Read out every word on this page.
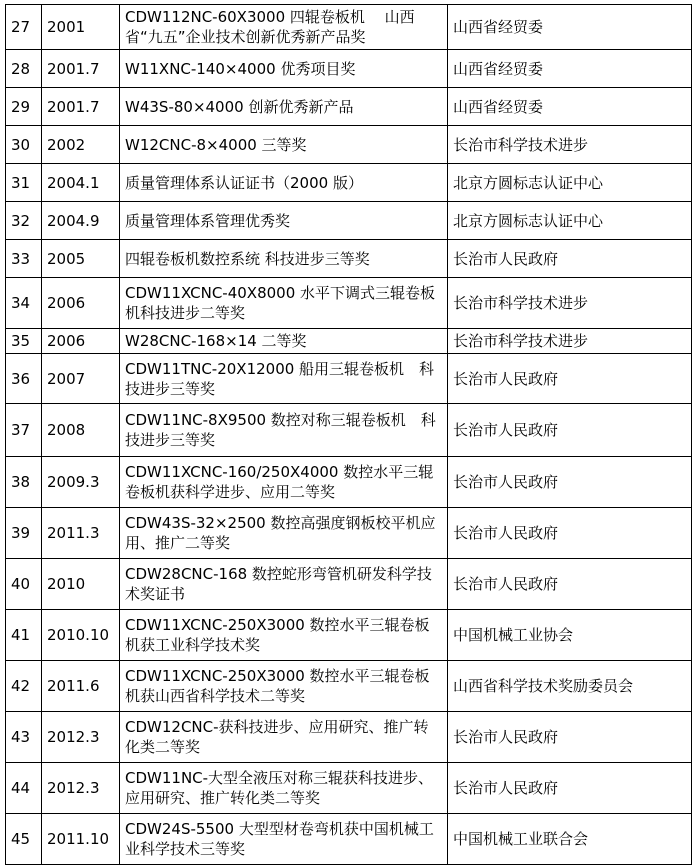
27	2001	CDW112NC-60X3000 四辊卷板机　 山西省“九五”企业技术创新优秀新产品奖	山西省经贸委
28	2001.7	W11XNC-140×4000 优秀项目奖	山西省经贸委
29	2001.7	W43S-80×4000 创新优秀新产品	山西省经贸委
30	2002	W12CNC-8×4000 三等奖	长治市科学技术进步
31	2004.1	质量管理体系认证证书（2000 版）	北京方圆标志认证中心
32	2004.9	质量管理体系管理优秀奖	北京方圆标志认证中心
33	2005	四辊卷板机数控系统 科技进步三等奖	长治市人民政府
34	2006	CDW11XCNC-40X8000 水平下调式三辊卷板机科技进步二等奖	长治市科学技术进步
35	2006	W28CNC-168×14 二等奖	长治市科学技术进步
36	2007	CDW11TNC-20X12000 船用三辊卷板机　科技进步三等奖	长治市人民政府
37	2008	CDW11NC-8X9500 数控对称三辊卷板机　科技进步三等奖	长治市人民政府
38	2009.3	CDW11XCNC-160/250X4000 数控水平三辊卷板机获科学进步、应用二等奖	长治市人民政府
39	2011.3	CDW43S-32×2500 数控高强度钢板校平机应用、推广二等奖	长治市人民政府
40	2010	CDW28CNC-168 数控蛇形弯管机研发科学技术奖证书	长治市人民政府
41	2010.10	CDW11XCNC-250X3000 数控水平三辊卷板机获工业科学技术奖	中国机械工业协会
42	2011.6	CDW11XCNC-250X3000 数控水平三辊卷板机获山西省科学技术二等奖	山西省科学技术奖励委员会
43	2012.3	CDW12CNC-获科技进步、应用研究、推广转化类二等奖	长治市人民政府
44	2012.3	CDW11NC-大型全液压对称三辊获科技进步、应用研究、推广转化类二等奖	长治市人民政府
45	2011.10	CDW24S-5500 大型型材卷弯机获中国机械工业科学技术三等奖	中国机械工业联合会
